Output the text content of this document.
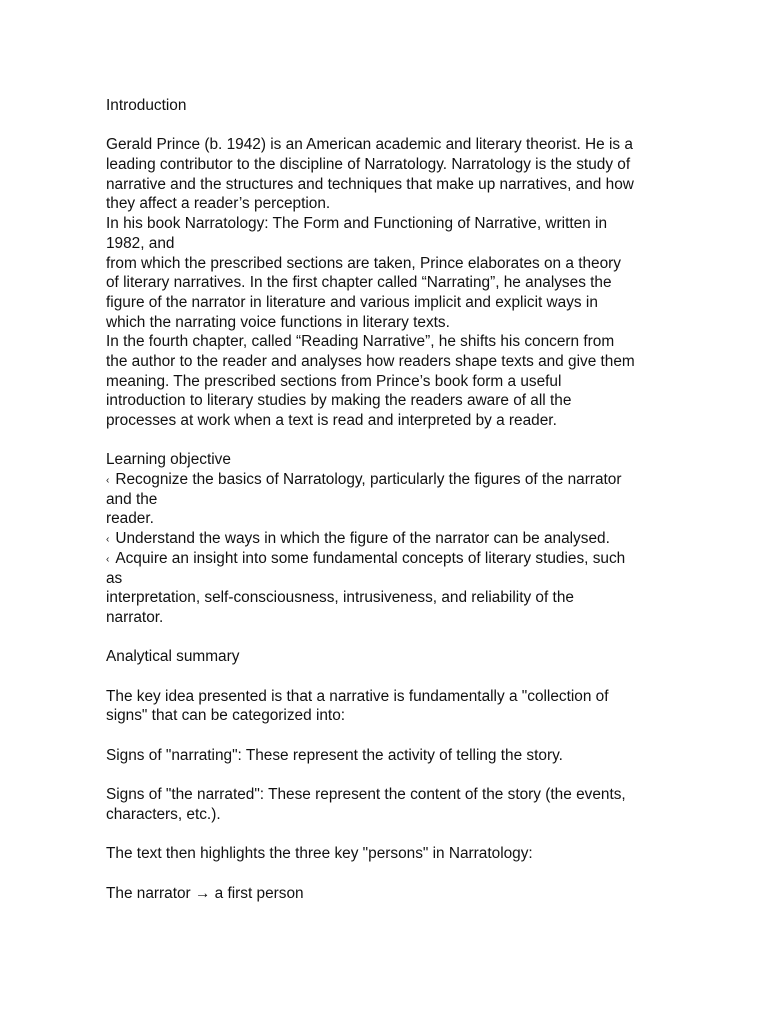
Introduction
Gerald Prince (b. 1942) is an American academic and literary theorist. He is a
leading contributor to the discipline of Narratology. Narratology is the study of
narrative and the structures and techniques that make up narratives, and how
they affect a reader’s perception.
In his book Narratology: The Form and Functioning of Narrative, written in
1982, and
from which the prescribed sections are taken, Prince elaborates on a theory
of literary narratives. In the first chapter called “Narrating”, he analyses the
figure of the narrator in literature and various implicit and explicit ways in
which the narrating voice functions in literary texts.
In the fourth chapter, called “Reading Narrative”, he shifts his concern from
the author to the reader and analyses how readers shape texts and give them
meaning. The prescribed sections from Prince’s book form a useful
introduction to literary studies by making the readers aware of all the
processes at work when a text is read and interpreted by a reader.
Learning objective
‹ Recognize the basics of Narratology, particularly the figures of the narrator
and the
reader.
‹ Understand the ways in which the figure of the narrator can be analysed.
‹ Acquire an insight into some fundamental concepts of literary studies, such
as
interpretation, self-consciousness, intrusiveness, and reliability of the
narrator.
Analytical summary
The key idea presented is that a narrative is fundamentally a "collection of
signs" that can be categorized into:
Signs of "narrating": These represent the activity of telling the story.
Signs of "the narrated": These represent the content of the story (the events,
characters, etc.).
The text then highlights the three key "persons" in Narratology:
The narrator → a first person
